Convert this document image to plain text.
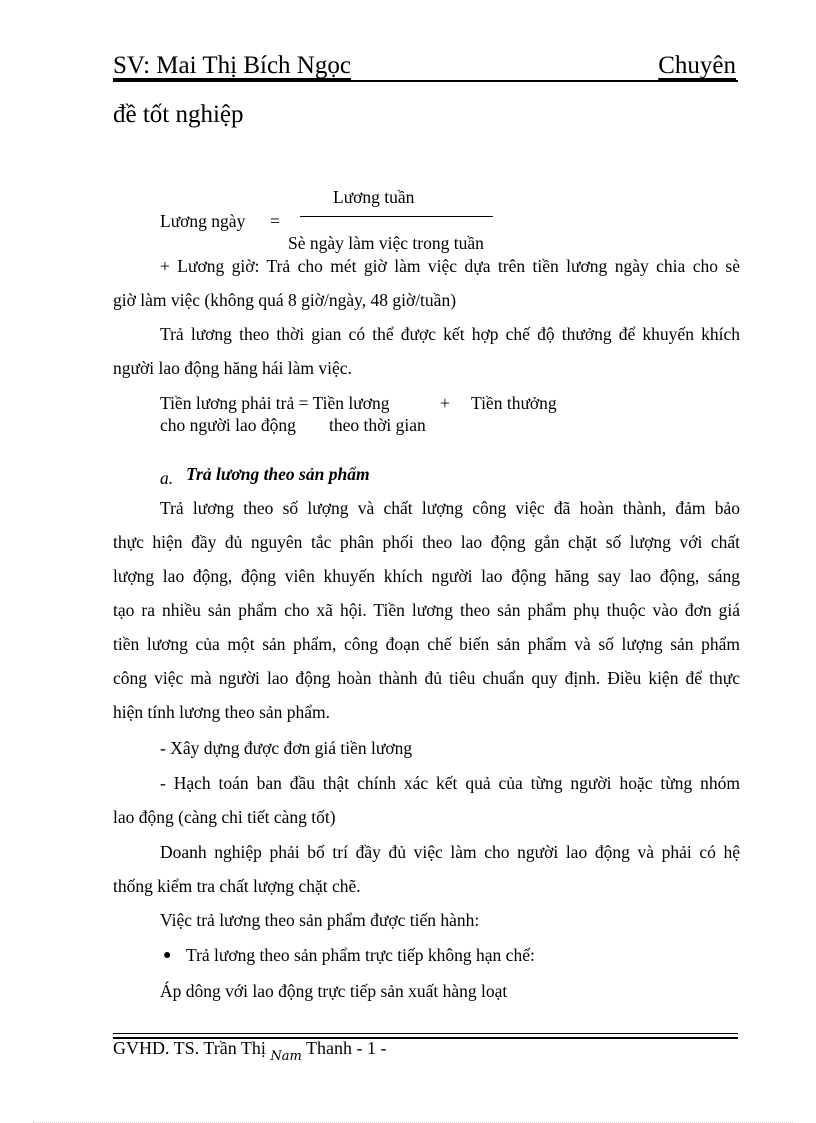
SV: Mai Thị Bích Ngọc	Chuyên
đề tốt nghiệp
Lương tuần
Lương ngày =
Sè ngày làm việc trong tuần
+ Lương giờ: Trả cho mét giờ làm việc dựa trên tiền lương ngày chia cho sè
giờ làm việc (không quá 8 giờ/ngày, 48 giờ/tuần)
Trả lương theo thời gian có thể được kết hợp chế độ thưởng để khuyến khích
người lao động hăng hái làm việc.
Tiền lương phải trả = Tiền lương	+ Tiền thưởng
cho người lao động theo thời gian
a. Trả lương theo sản phẩm
Trả lương theo số lượng và chất lượng công việc đã hoàn thành, đảm bảo
thực hiện đầy đủ nguyên tắc phân phối theo lao động gắn chặt số lượng với chất
lượng lao động, động viên khuyến khích người lao động hăng say lao động, sáng
tạo ra nhiều sản phẩm cho xã hội. Tiền lương theo sản phẩm phụ thuộc vào đơn giá
tiền lương của một sản phẩm, công đoạn chế biến sản phẩm và số lượng sản phẩm
công việc mà người lao động hoàn thành đủ tiêu chuẩn quy định. Điều kiện để thực
hiện tính lương theo sản phẩm.
- Xây dựng được đơn giá tiền lương
- Hạch toán ban đầu thật chính xác kết quả của từng người hoặc từng nhóm
lao động (càng chi tiết càng tốt)
Doanh nghiệp phải bố trí đầy đủ việc làm cho người lao động và phải có hệ
thống kiểm tra chất lượng chặt chẽ.
Việc trả lương theo sản phẩm được tiến hành:
● Trả lương theo sản phẩm trực tiếp không hạn chế:
Áp dông với lao động trực tiếp sản xuất hàng loạt
GVHD. TS. Trần Thị $_{Nam}$ Thanh - 1 -
